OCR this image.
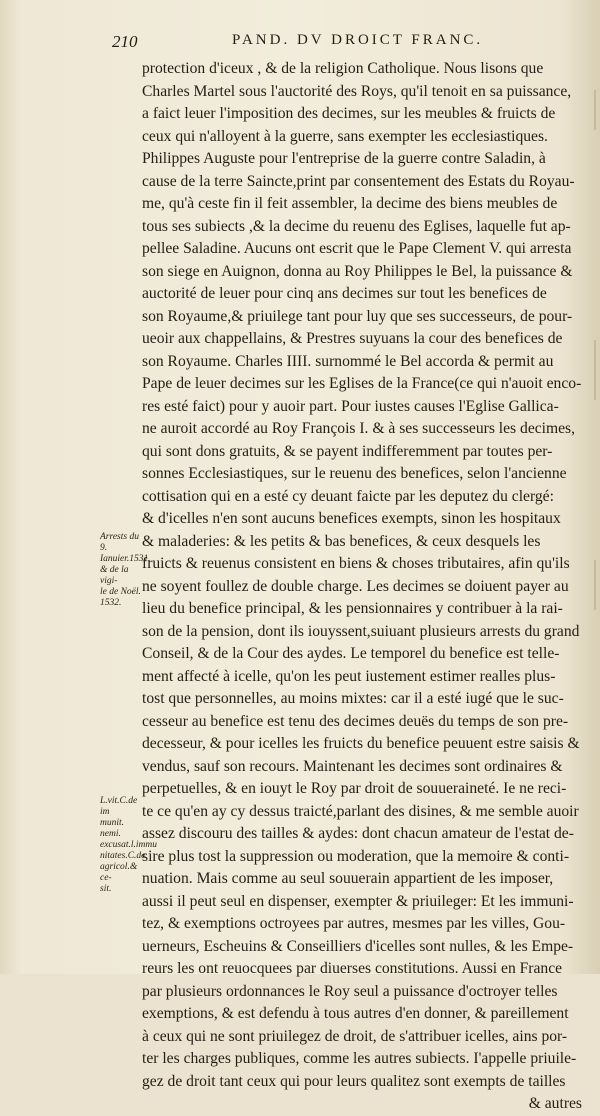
210	PAND. DV DROICT FRANC.
protection d'iceux , & de la religion Catholique. Nous lisons que
Charles Martel sous l'auctorité des Roys, qu'il tenoit en sa puissance,
a faict leuer l'imposition des decimes, sur les meubles & fruicts de
ceux qui n'alloyent à la guerre, sans exempter les ecclesiastiques.
Philippes Auguste pour l'entreprise de la guerre contre Saladin, à
cause de la terre Saincte,print par consentement des Estats du Royau-
me, qu'à ceste fin il feit assembler, la decime des biens meubles de
tous ses subiects ,& la decime du reuenu des Eglises, laquelle fut ap-
pellee Saladine. Aucuns ont escrit que le Pape Clement V. qui arresta
son siege en Auignon, donna au Roy Philippes le Bel, la puissance &
auctorité de leuer pour cinq ans decimes sur tout les benefices de
son Royaume,& priuilege tant pour luy que ses successeurs, de pour-
ueoir aux chappellains, & Prestres suyuans la cour des benefices de
son Royaume. Charles IIII. surnommé le Bel accorda & permit au
Pape de leuer decimes sur les Eglises de la France(ce qui n'auoit enco-
res esté faict) pour y auoir part. Pour iustes causes l'Eglise Gallica-
ne auroit accordé au Roy François I. & à ses successeurs les decimes,
qui sont dons gratuits, & se payent indifferemment par toutes per-
sonnes Ecclesiastiques, sur le reuenu des benefices, selon l'ancienne
cottisation qui en a esté cy deuant faicte par les deputez du clergé:
& d'icelles n'en sont aucuns benefices exempts, sinon les hospitaux
& maladeries: & les petits & bas benefices, & ceux desquels les
fruicts & reuenus consistent en biens & choses tributaires, afin qu'ils
ne soyent foullez de double charge. Les decimes se doiuent payer au
lieu du benefice principal, & les pensionnaires y contribuer à la rai-
son de la pension, dont ils iouyssent,suiuant plusieurs arrests du grand
Conseil, & de la Cour des aydes. Le temporel du benefice est telle-
ment affecté à icelle, qu'on les peut iustement estimer realles plus-
tost que personnelles, au moins mixtes: car il a esté iugé que le suc-
cesseur au benefice est tenu des decimes deuës du temps de son pre-
decesseur, & pour icelles les fruicts du benefice peuuent estre saisis &
vendus, sauf son recours. Maintenant les decimes sont ordinaires &
perpetuelles, & en iouyt le Roy par droit de souueraineté. Ie ne reci-
te ce qu'en ay cy dessus traicté,parlant des disines, & me semble auoir
assez discouru des tailles & aydes: dont chacun amateur de l'estat de-
sire plus tost la suppression ou moderation, que la memoire & conti-
nuation. Mais comme au seul souuerain appartient de les imposer,
aussi il peut seul en dispenser, exempter & priuileger: Et les immuni-
tez, & exemptions octroyees par autres, mesmes par les villes, Gou-
uerneurs, Escheuins & Conseilliers d'icelles sont nulles, & les Empe-
reurs les ont reuocquees par diuerses constitutions. Aussi en France
par plusieurs ordonnances le Roy seul a puissance d'octroyer telles
exemptions, & est defendu à tous autres d'en donner, & pareillement
à ceux qui ne sont priuilegez de droit, de s'attribuer icelles, ains por-
ter les charges publiques, comme les autres subiects. I'appelle priuile-
gez de droit tant ceux qui pour leurs qualitez sont exempts de tailles
& autres
Arrests du 9.
Ianuier.1531.
& de la vigi-
le de Noël.
1532.
L.vit.C.de im
munit. nemi.
excusat.l.immu
nitates.C.de
agricol.& ce-
sit.
